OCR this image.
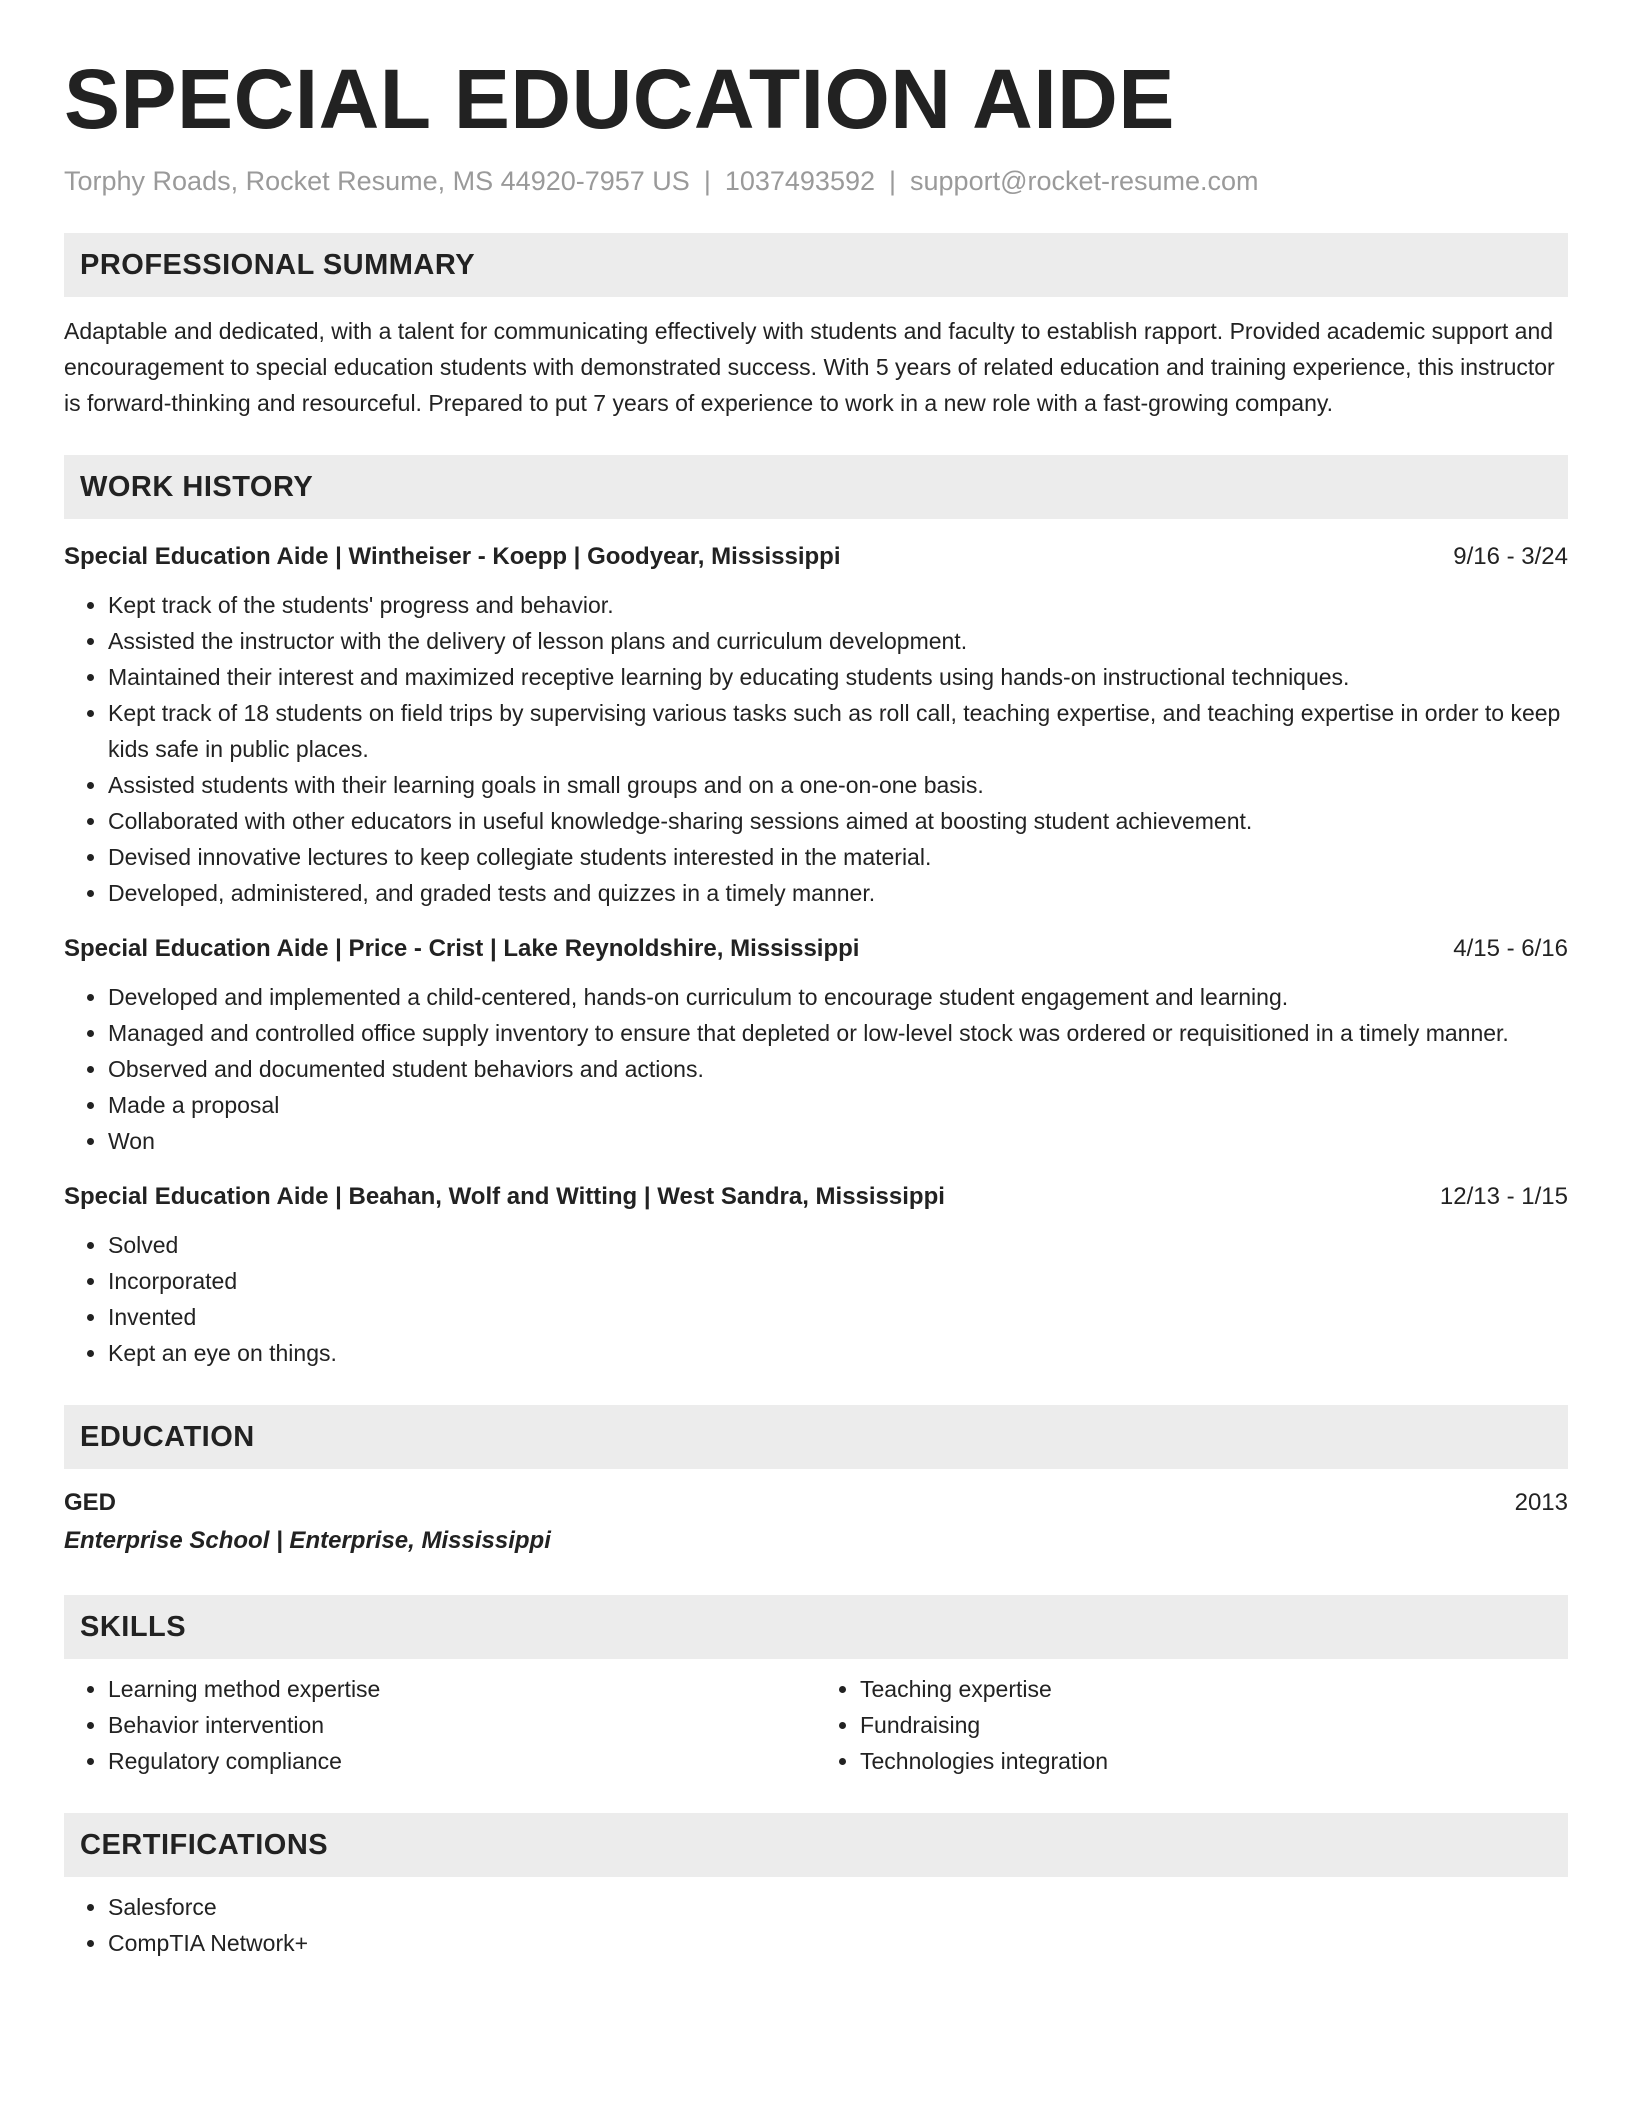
SPECIAL EDUCATION AIDE
Torphy Roads, Rocket Resume, MS 44920-7957 US | 1037493592 | support@rocket-resume.com
PROFESSIONAL SUMMARY
Adaptable and dedicated, with a talent for communicating effectively with students and faculty to establish rapport. Provided academic support and encouragement to special education students with demonstrated success. With 5 years of related education and training experience, this instructor is forward-thinking and resourceful. Prepared to put 7 years of experience to work in a new role with a fast-growing company.
WORK HISTORY
Special Education Aide | Wintheiser - Koepp | Goodyear, Mississippi	9/16 - 3/24
• Kept track of the students' progress and behavior.
• Assisted the instructor with the delivery of lesson plans and curriculum development.
• Maintained their interest and maximized receptive learning by educating students using hands-on instructional techniques.
• Kept track of 18 students on field trips by supervising various tasks such as roll call, teaching expertise, and teaching expertise in order to keep kids safe in public places.
• Assisted students with their learning goals in small groups and on a one-on-one basis.
• Collaborated with other educators in useful knowledge-sharing sessions aimed at boosting student achievement.
• Devised innovative lectures to keep collegiate students interested in the material.
• Developed, administered, and graded tests and quizzes in a timely manner.
Special Education Aide | Price - Crist | Lake Reynoldshire, Mississippi	4/15 - 6/16
• Developed and implemented a child-centered, hands-on curriculum to encourage student engagement and learning.
• Managed and controlled office supply inventory to ensure that depleted or low-level stock was ordered or requisitioned in a timely manner.
• Observed and documented student behaviors and actions.
• Made a proposal
• Won
Special Education Aide | Beahan, Wolf and Witting | West Sandra, Mississippi	12/13 - 1/15
• Solved
• Incorporated
• Invented
• Kept an eye on things.
EDUCATION
GED	2013
Enterprise School | Enterprise, Mississippi
SKILLS
• Learning method expertise
• Behavior intervention
• Regulatory compliance
• Teaching expertise
• Fundraising
• Technologies integration
CERTIFICATIONS
• Salesforce
• CompTIA Network+
